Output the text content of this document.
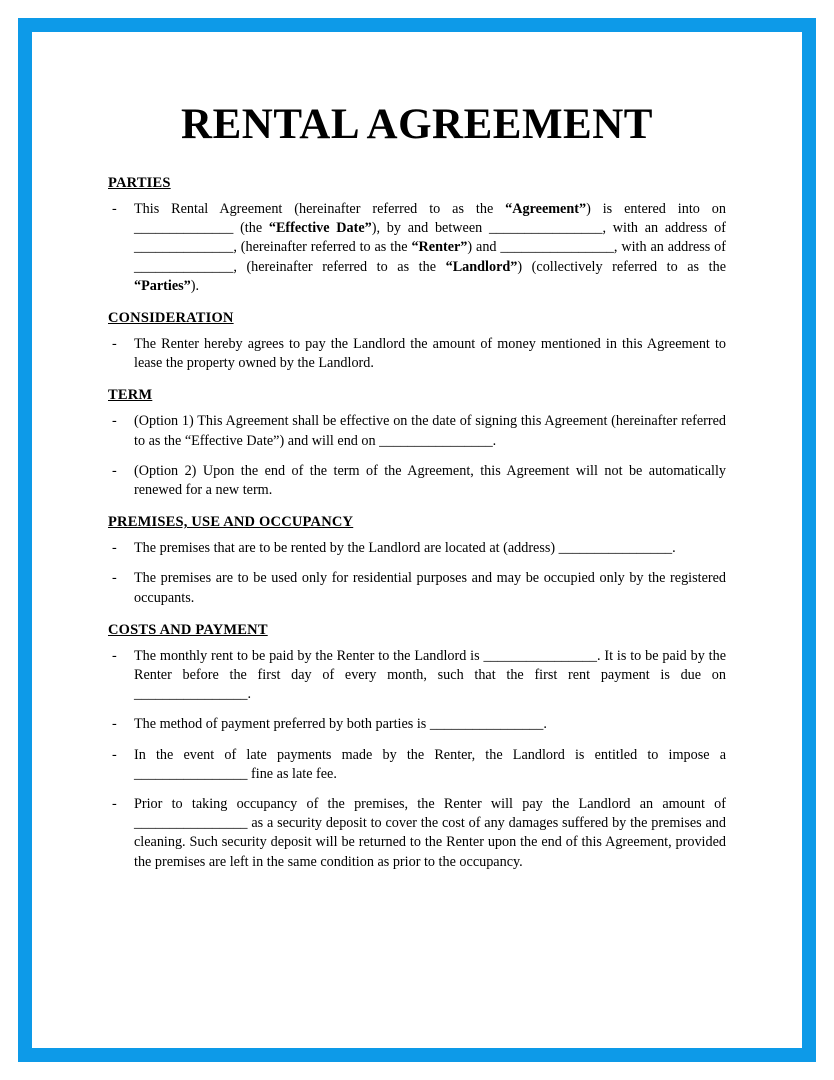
RENTAL AGREEMENT
PARTIES
-	This Rental Agreement (hereinafter referred to as the “Agreement”) is entered into on ______________ (the “Effective Date”), by and between ________________, with an address of ______________, (hereinafter referred to as the “Renter”) and ________________, with an address of ______________, (hereinafter referred to as the “Landlord”) (collectively referred to as the “Parties”).
CONSIDERATION
-	The Renter hereby agrees to pay the Landlord the amount of money mentioned in this Agreement to lease the property owned by the Landlord.
TERM
-	(Option 1) This Agreement shall be effective on the date of signing this Agreement (hereinafter referred to as the “Effective Date”) and will end on ________________.
-	(Option 2) Upon the end of the term of the Agreement, this Agreement will not be automatically renewed for a new term.
PREMISES, USE AND OCCUPANCY
-	The premises that are to be rented by the Landlord are located at (address) ________________.
-	The premises are to be used only for residential purposes and may be occupied only by the registered occupants.
COSTS AND PAYMENT
-	The monthly rent to be paid by the Renter to the Landlord is ________________. It is to be paid by the Renter before the first day of every month, such that the first rent payment is due on ________________.
-	The method of payment preferred by both parties is ________________.
-	In the event of late payments made by the Renter, the Landlord is entitled to impose a ________________ fine as late fee.
-	Prior to taking occupancy of the premises, the Renter will pay the Landlord an amount of ________________ as a security deposit to cover the cost of any damages suffered by the premises and cleaning. Such security deposit will be returned to the Renter upon the end of this Agreement, provided the premises are left in the same condition as prior to the occupancy.
